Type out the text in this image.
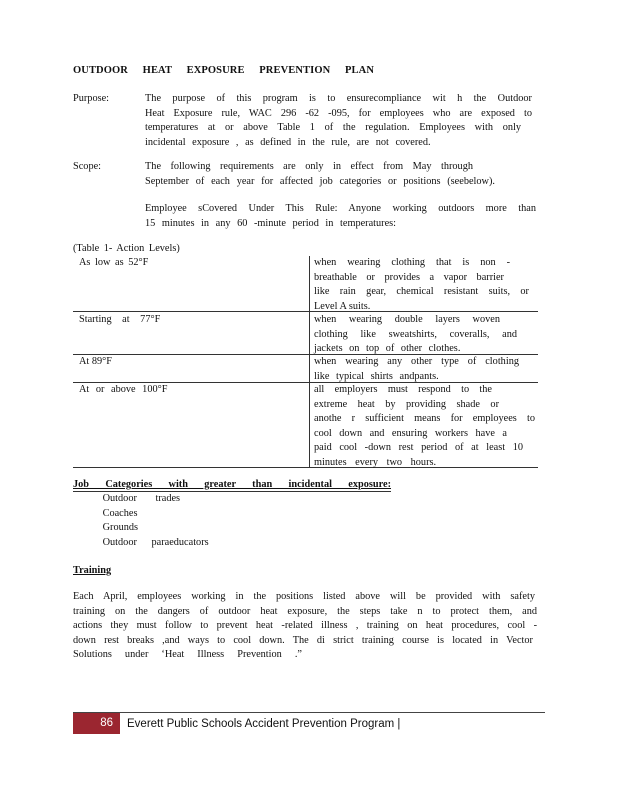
OUTDOOR HEAT EXPOSURE PREVENTION PLAN
Purpose:	The purpose of this program is to ensurecompliance wit h the Outdoor
Heat Exposure rule, WAC 296 -62 -095, for employees who are exposed to
temperatures at or above Table 1 of the regulation. Employees with only
incidental exposure , as defined in the rule, are not covered.
Scope:	The following requirements are only in effect from May through
September of each year for affected job categories or positions (seebelow).
Employee sCovered Under This Rule: Anyone working outdoors more than
15 minutes in any 60 -minute period in temperatures:
(Table 1- Action Levels)
As low as 52°F	when wearing clothing that is non -
breathable or provides a vapor barrier
like rain gear, chemical resistant suits, or
Level A suits.
Starting at 77°F	when wearing double layers woven
clothing like sweatshirts, coveralls, and
jackets on top of other clothes.
At 89°F	when wearing any other type of clothing
like typical shirts andpants.
At or above 100°F	all employers must respond to the
extreme heat by providing shade or
anothe r sufficient means for employees to
cool down and ensuring workers have a
paid cool -down rest period of at least 10
minutes every two hours.
Job Categories with greater than incidental exposure:
Outdoor trades
Coaches
Grounds
Outdoor paraeducators
Training
Each April, employees working in the positions listed above will be provided with safety
training on the dangers of outdoor heat exposure, the steps take n to protect them, and
actions they must follow to prevent heat -related illness , training on heat procedures, cool -
down rest breaks ,and ways to cool down. The di strict training course is located in Vector
Solutions under ‘Heat Illness Prevention .”
86	Everett Public Schools Accident Prevention Program |
